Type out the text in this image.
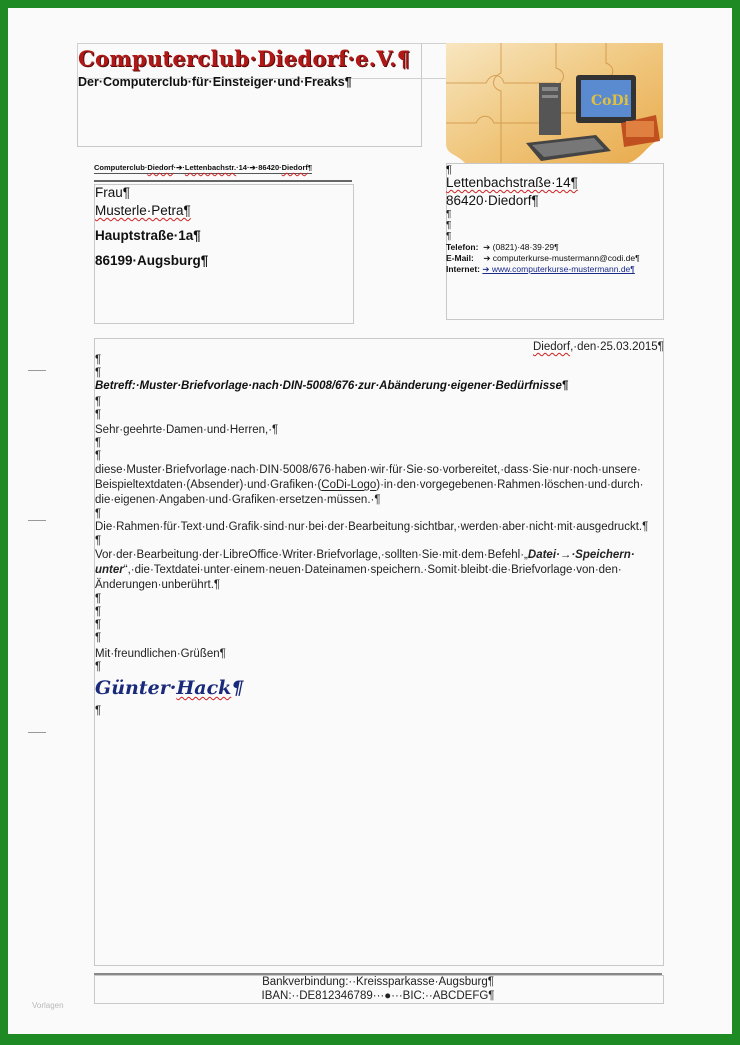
Computerclub·Diedorf·e.V.¶
Der·Computerclub·für·Einsteiger·und·Freaks¶
CoDi
¶
Lettenbachstraße·14¶
86420·Diedorf¶
¶
¶
¶
Telefon: ➔ (0821)·48·39·29¶
E-Mail: ➔ computerkurse-mustermann@codi.de¶
Internet: ➔ www.computerkurse-mustermann.de¶
Computerclub·Diedorf·➔·Lettenbachstr.·14·➔·86420·Diedorf¶
Frau¶
Musterle·Petra¶
Hauptstraße·1a¶
86199·Augsburg¶
Diedorf,·den·25.03.2015¶
¶
¶
Betreff:·Muster·Briefvorlage·nach·DIN-5008/676·zur·Abänderung·eigener·Bedürfnisse¶
¶
¶
Sehr·geehrte·Damen·und·Herren,·¶
¶
¶
diese·Muster·Briefvorlage·nach·DIN·5008/676·haben·wir·für·Sie·so·vorbereitet,·dass·Sie·nur·noch·unsere·
Beispieltextdaten·(Absender)·und·Grafiken·(CoDi-Logo)·in·den·vorgegebenen·Rahmen·löschen·und·durch·
die·eigenen·Angaben·und·Grafiken·ersetzen·müssen.·¶
¶
Die·Rahmen·für·Text·und·Grafik·sind·nur·bei·der·Bearbeitung·sichtbar,·werden·aber·nicht·mit·ausgedruckt.¶
¶
Vor·der·Bearbeitung·der·LibreOffice·Writer·Briefvorlage,·sollten·Sie·mit·dem·Befehl·„Datei·→·Speichern·
unter“,·die·Textdatei·unter·einem·neuen·Dateinamen·speichern.·Somit·bleibt·die·Briefvorlage·von·den·
Änderungen·unberührt.¶
¶
¶
¶
¶
Mit·freundlichen·Grüßen¶
¶
Günter·Hack¶
¶
Bankverbindung:··Kreissparkasse·Augsburg¶
IBAN:··DE812346789···●···BIC:··ABCDEFG¶
Vorlagen
